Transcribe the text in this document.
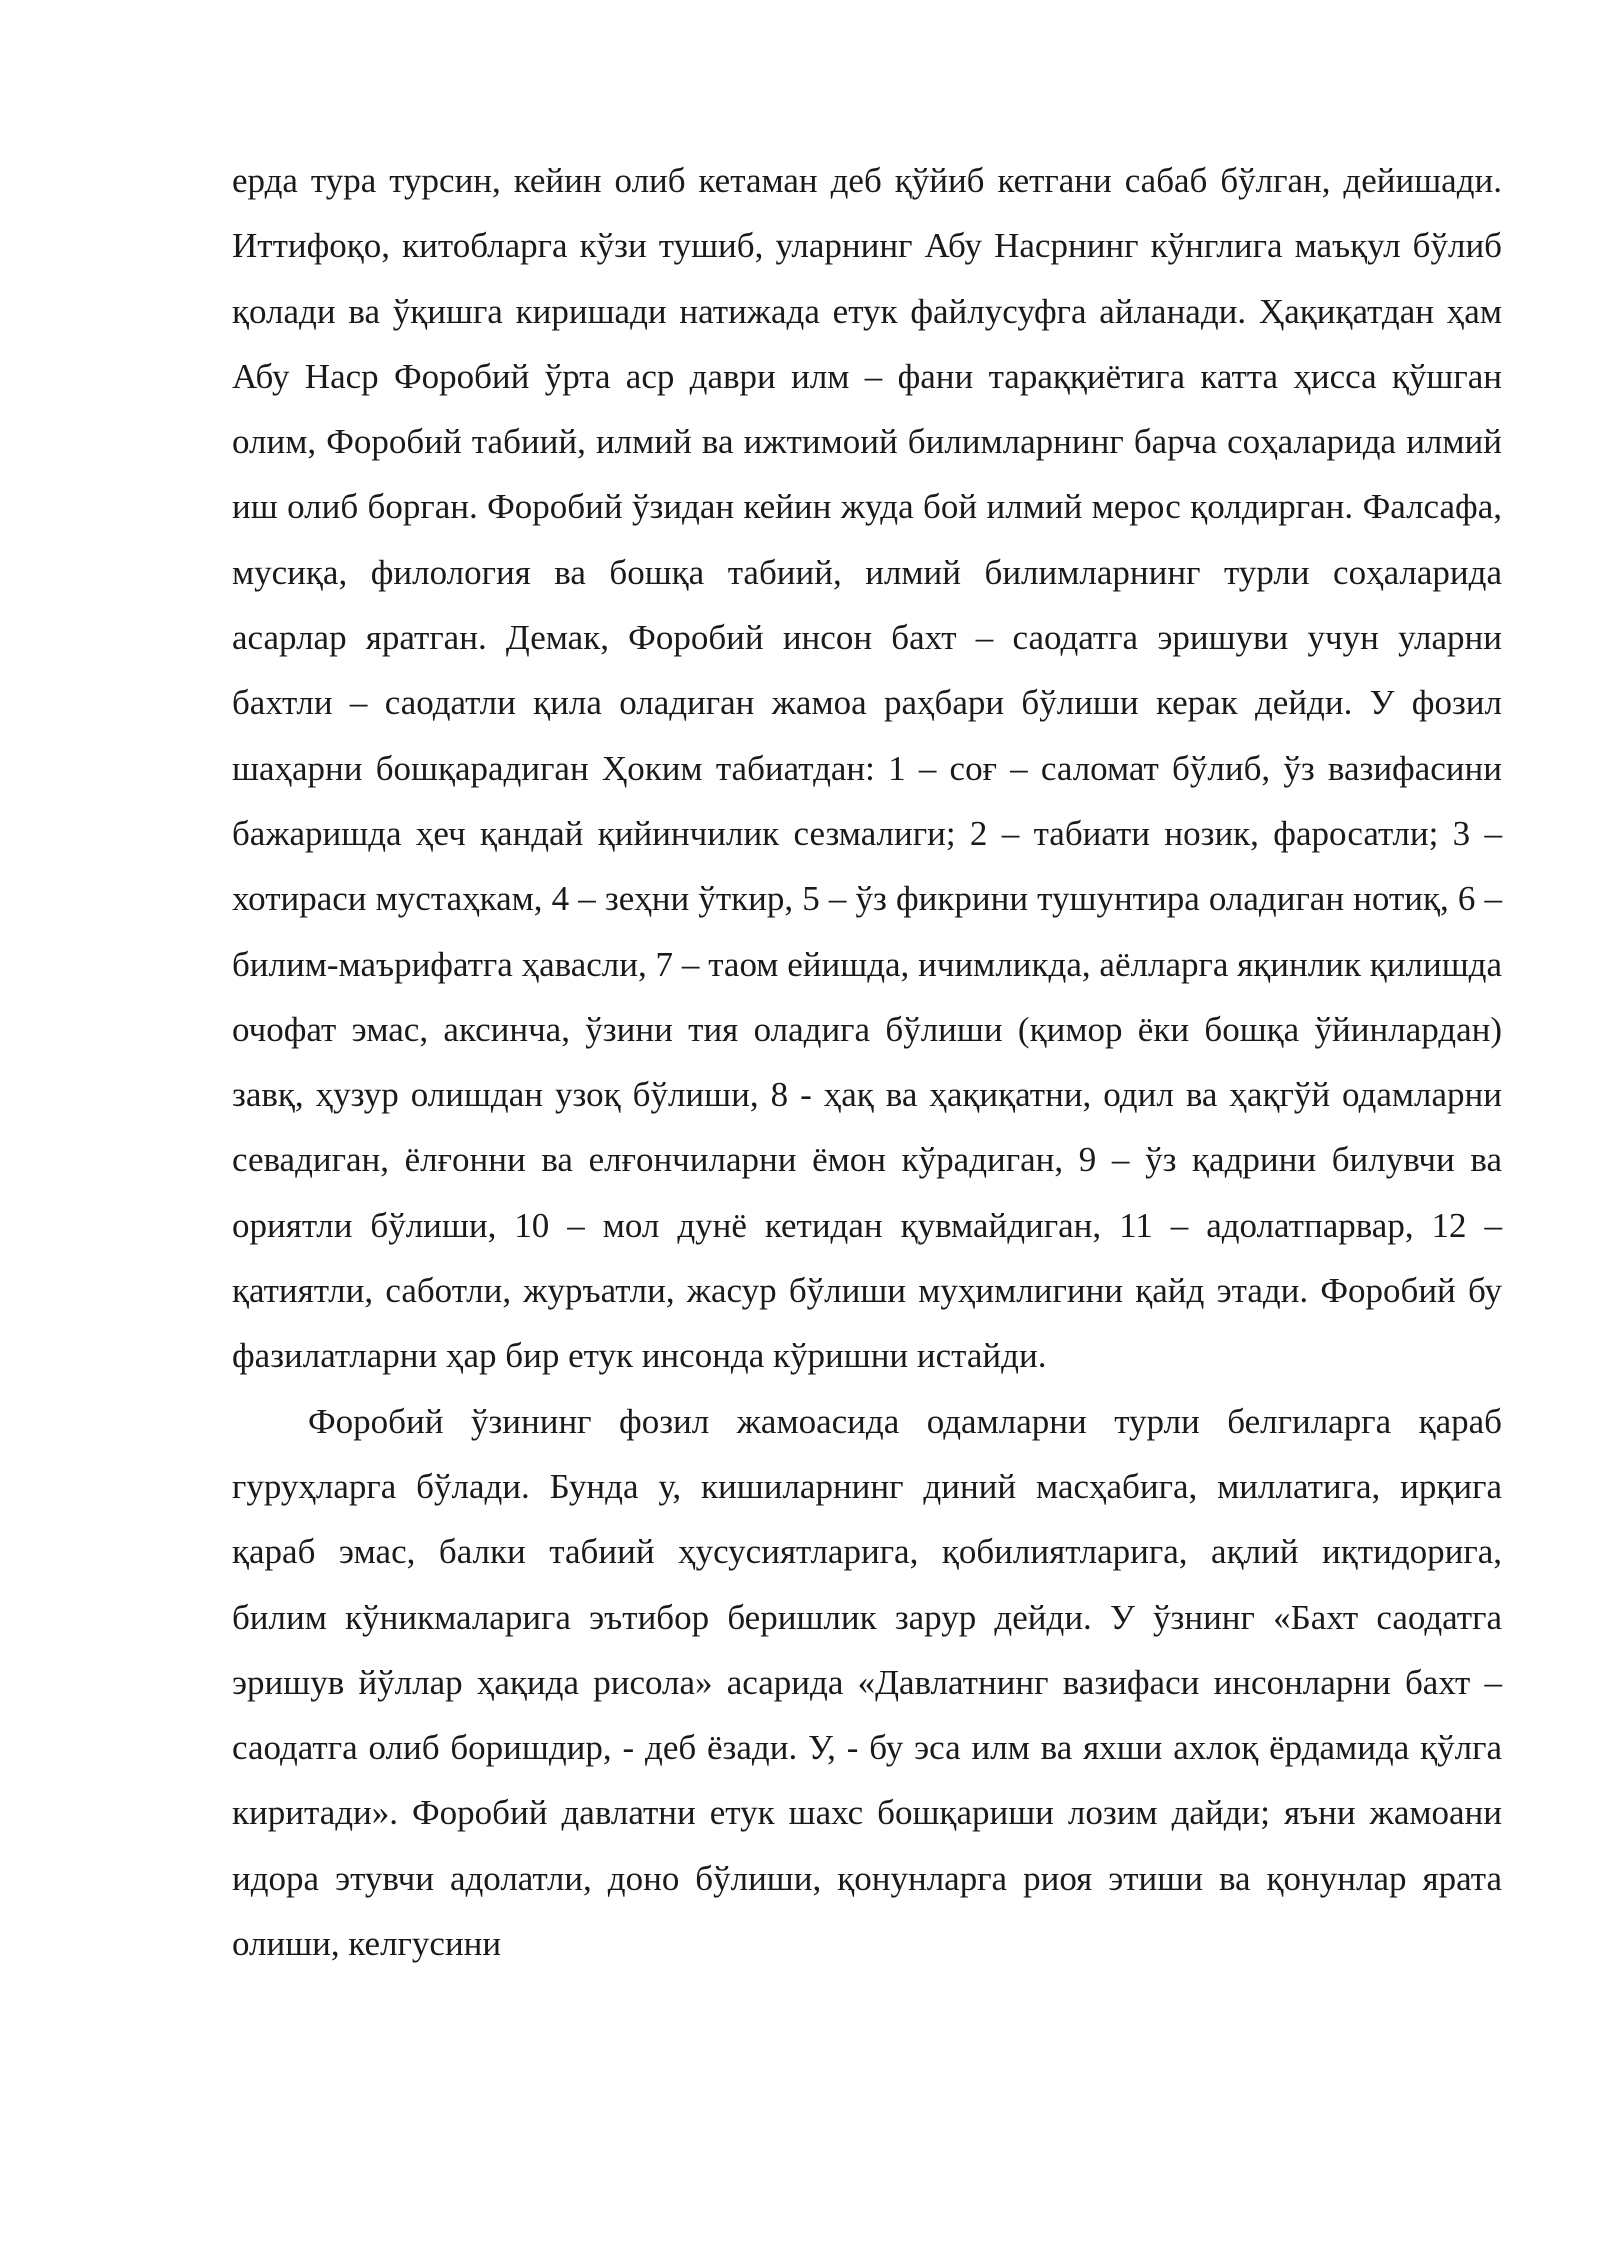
ерда тура турсин, кейин олиб кетаман деб қўйиб кетгани сабаб бўлган, дейишади. Иттифоқо, китобларга кўзи тушиб, уларнинг Абу Насрнинг кўнглига маъқул бўлиб қолади ва ўқишга киришади натижада етук файлусуфга айланади. Ҳақиқатдан ҳам Абу Наср Форобий ўрта аср даври илм – фани тараққиётига катта ҳисса қўшган олим, Форобий табиий, илмий ва ижтимоий билимларнинг барча соҳаларида илмий иш олиб борган. Форобий ўзидан кейин жуда бой илмий мерос қолдирган. Фалсафа, мусиқа, филология ва бошқа табиий, илмий билимларнинг турли соҳаларида асарлар яратган. Демак, Форобий инсон бахт – саодатга эришуви учун уларни бахтли – саодатли қила оладиган жамоа раҳбари бўлиши керак дейди. У фозил шаҳарни бошқарадиган Ҳоким табиатдан: 1 – соғ – саломат бўлиб, ўз вазифасини бажаришда ҳеч қандай қийинчилик сезмалиги; 2 – табиати нозик, фаросатли; 3 – хотираси мустаҳкам, 4 – зеҳни ўткир, 5 – ўз фикрини тушунтира оладиган нотиқ, 6 – билим-маърифатга ҳавасли, 7 – таом ейишда, ичимликда, аёлларга яқинлик қилишда очофат эмас, аксинча, ўзини тия оладига бўлиши (қимор ёки бошқа ўйинлардан) завқ, ҳузур олишдан узоқ бўлиши, 8 - ҳақ ва ҳақиқатни, одил ва ҳақгўй одамларни севадиган, ёлғонни ва елғончиларни ёмон кўрадиган, 9 – ўз қадрини билувчи ва ориятли бўлиши, 10 – мол дунё кетидан қувмайдиган, 11 – адолатпарвар, 12 – қатиятли, саботли, журъатли, жасур бўлиши муҳимлигини қайд этади. Форобий бу фазилатларни ҳар бир етук инсонда кўришни истайди.

Форобий ўзининг фозил жамоасида одамларни турли белгиларга қараб гуруҳларга бўлади. Бунда у, кишиларнинг диний масҳабига, миллатига, ирқига қараб эмас, балки табиий ҳусусиятларига, қобилиятларига, ақлий иқтидорига, билим кўникмаларига эътибор беришлик зарур дейди. У ўзнинг «Бахт саодатга эришув йўллар ҳақида рисола» асарида «Давлатнинг вазифаси инсонларни бахт – саодатга олиб боришдир, - деб ёзади. У, - бу эса илм ва яхши ахлоқ ёрдамида қўлга киритади». Форобий давлатни етук шахс бошқариши лозим дайди; яъни жамоани идора этувчи адолатли, доно бўлиши, қонунларга риоя этиши ва қонунлар ярата олиши, келгусини
